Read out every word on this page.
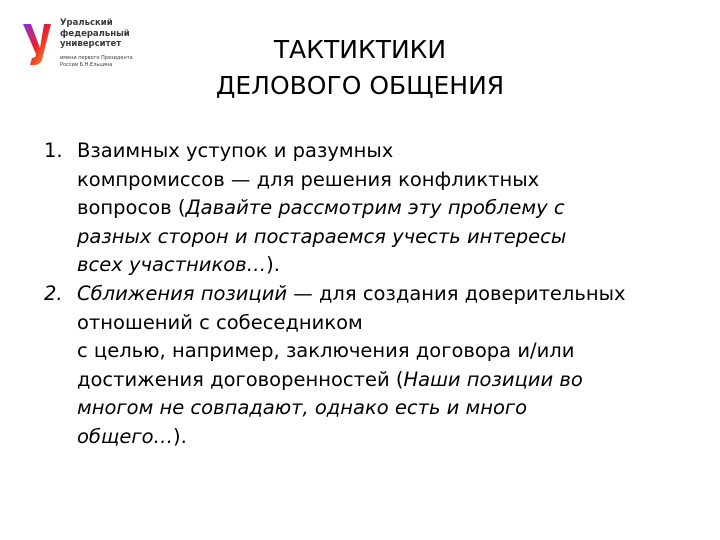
Уральский
федеральный
университет
имени первого Президента
России Б.Н.Ельцина
ТАКТИКТИКИ
ДЕЛОВОГО ОБЩЕНИЯ
1. Взаимных уступок и разумных

компромиссов — для решения конфликтных

вопросов (Давайте рассмотрим эту проблему с

разных сторон и постараемся учесть интересы

всех участников…).

2. Сближения позиций — для создания доверительных

отношений с собеседником

с целью, например, заключения договора и/или

достижения договоренностей (Наши позиции во

многом не совпадают, однако есть и много

общего…).
